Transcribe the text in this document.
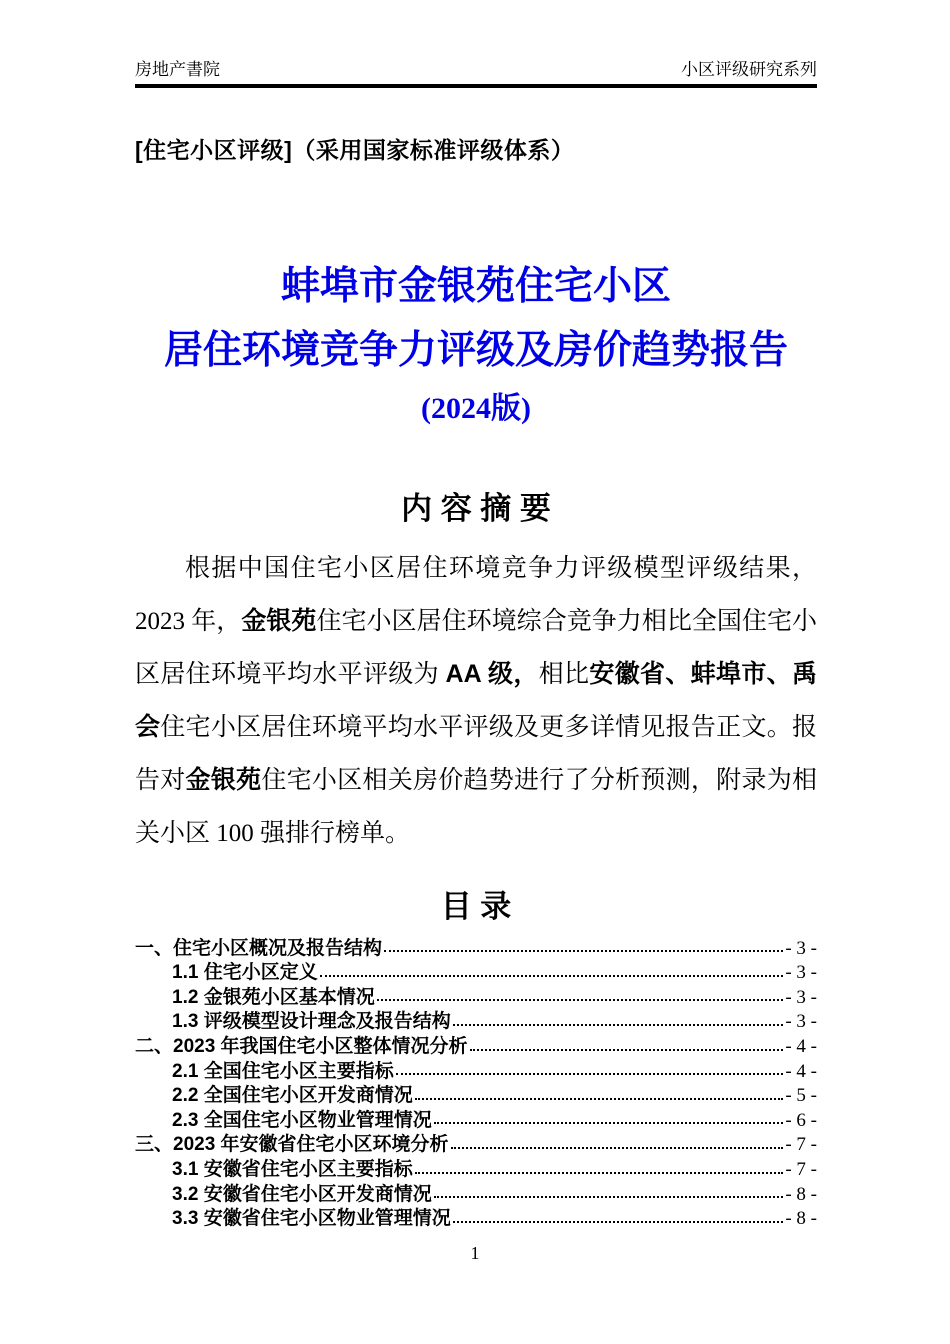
房地产書院	小区评级研究系列
[住宅小区评级]（采用国家标准评级体系）
蚌埠市金银苑住宅小区
居住环境竞争力评级及房价趋势报告
(2024版)
内 容 摘 要
根据中国住宅小区居住环境竞争力评级模型评级结果，2023 年，金银苑住宅小区居住环境综合竞争力相比全国住宅小区居住环境平均水平评级为 AA 级，相比安徽省、蚌埠市、禹会住宅小区居住环境平均水平评级及更多详情见报告正文。报告对金银苑住宅小区相关房价趋势进行了分析预测，附录为相关小区 100 强排行榜单。
目 录
一、住宅小区概况及报告结构	- 3 -
1.1 住宅小区定义	- 3 -
1.2 金银苑小区基本情况	- 3 -
1.3 评级模型设计理念及报告结构	- 3 -
二、2023 年我国住宅小区整体情况分析	- 4 -
2.1 全国住宅小区主要指标	- 4 -
2.2 全国住宅小区开发商情况	- 5 -
2.3 全国住宅小区物业管理情况	- 6 -
三、2023 年安徽省住宅小区环境分析	- 7 -
3.1 安徽省住宅小区主要指标	- 7 -
3.2 安徽省住宅小区开发商情况	- 8 -
3.3 安徽省住宅小区物业管理情况	- 8 -
1
